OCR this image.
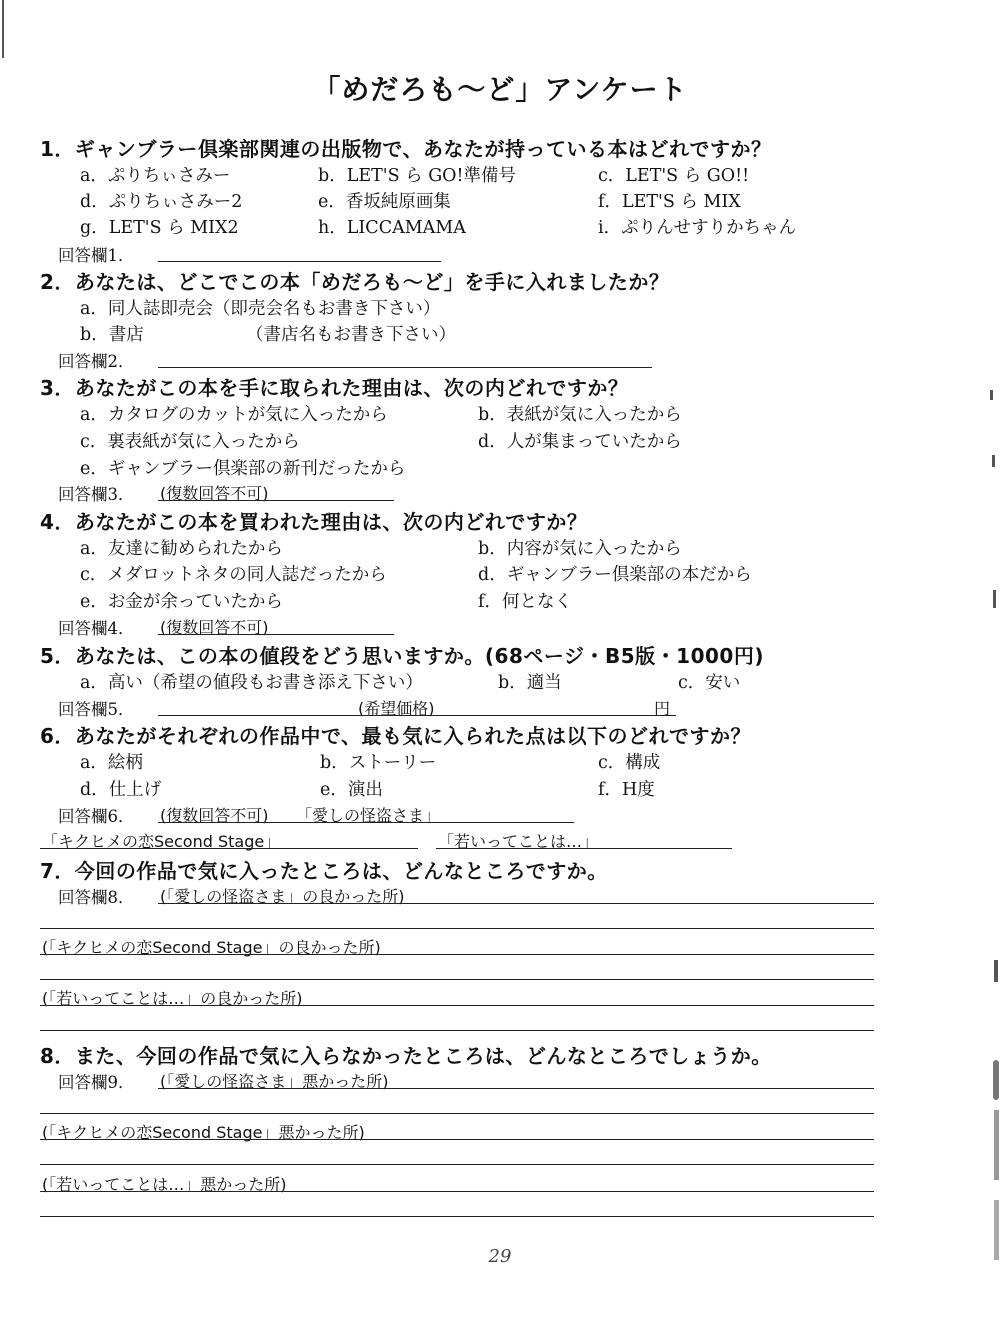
「めだろも〜ど」アンケート
1．ギャンブラー倶楽部関連の出版物で、あなたが持っている本はどれですか？
a．ぷりちぃさみー	b．LET'S ら GO!準備号	c．LET'S ら GO!!
d．ぷりちぃさみー2	e．香坂純原画集	f．LET'S ら MIX
g．LET'S ら MIX2	h．LICCAMAMA	i．ぷりんせすりかちゃん
回答欄1．
2．あなたは、どこでこの本「めだろも〜ど」を手に入れましたか？
a．同人誌即売会（即売会名もお書き下さい）
b．書店	（書店名もお書き下さい）
回答欄2．
3．あなたがこの本を手に取られた理由は、次の内どれですか？
a．カタログのカットが気に入ったから	b．表紙が気に入ったから
c．裏表紙が気に入ったから	d．人が集まっていたから
e．ギャンブラー倶楽部の新刊だったから
回答欄3． (復数回答不可)
4．あなたがこの本を買われた理由は、次の内どれですか？
a．友達に勧められたから	b．内容が気に入ったから
c．メダロットネタの同人誌だったから	d．ギャンブラー倶楽部の本だから
e．お金が余っていたから	f．何となく
回答欄4． (復数回答不可)
5．あなたは、この本の値段をどう思いますか。(68ページ・B5版・1000円)
a．高い（希望の値段もお書き添え下さい）	b．適当	c．安い
回答欄5．	(希望価格)	円
6．あなたがそれぞれの作品中で、最も気に入られた点は以下のどれですか？
a．絵柄	b．ストーリー	c．構成
d．仕上げ	e．演出	f．H度
回答欄6． (復数回答不可) 「愛しの怪盗さま」
「キクヒメの恋Second Stage」	「若いってことは…」
7．今回の作品で気に入ったところは、どんなところですか。
回答欄8． (「愛しの怪盗さま」の良かった所)
(「キクヒメの恋Second Stage」の良かった所)
(「若いってことは…」の良かった所)
8．また、今回の作品で気に入らなかったところは、どんなところでしょうか。
回答欄9． (「愛しの怪盗さま」悪かった所)
(「キクヒメの恋Second Stage」悪かった所)
(「若いってことは…」悪かった所)
29
